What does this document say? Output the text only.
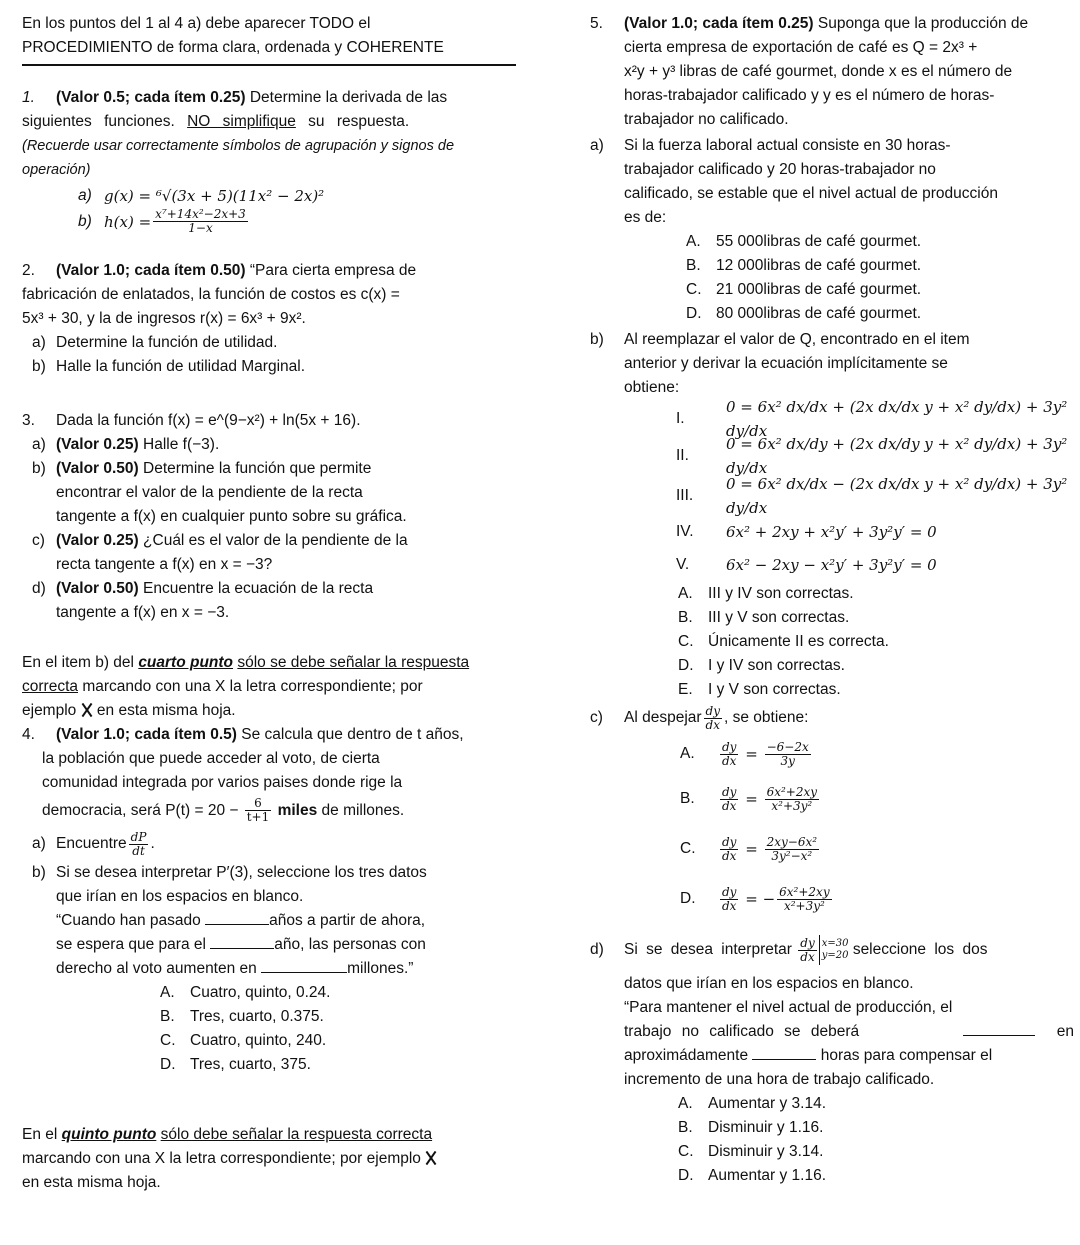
En los puntos del 1 al 4 a) debe aparecer TODO el

PROCEDIMIENTO de forma clara, ordenada y COHERENTE

1.	(Valor 0.5; cada ítem 0.25) Determine la derivada de las

siguientes funciones. NO simplifique su respuesta.

(Recuerde usar correctamente símbolos de agrupación y signos de operación)

a) g(x) = ⁶√(3x + 5)(11x² − 2x)²
b) $h(x) = \frac{\text{x⁷+14x²−2x+3}}{1-x}$
2.	(Valor 1.0; cada ítem 0.50) “Para cierta empresa de

fabricación de enlatados, la función de costos es c(x) =

5x³ + 30, y la de ingresos r(x) = 6x³ + 9x².

a) Determine la función de utilidad.
b) Halle la función de utilidad Marginal.
3.	Dada la función f(x) = e^(9−x²) + ln(5x + 16).
a) (Valor 0.25) Halle f(−3).
b) (Valor 0.50) Determine la función que permite

encontrar el valor de la pendiente de la recta

tangente a f(x) en cualquier punto sobre su gráfica.

c) (Valor 0.25) ¿Cuál es el valor de la pendiente de la

recta tangente a f(x) en x = −3?

d) (Valor 0.50) Encuentre la ecuación de la recta

tangente a f(x) en x = −3.

En el item b) del cuarto punto sólo se debe señalar la respuesta

correcta marcando con una X la letra correspondiente; por

ejemplo en esta misma hoja.

4.	(Valor 1.0; cada ítem 0.5) Se calcula que dentro de t años,

la población que puede acceder al voto, de cierta

comunidad integrada por varios paises donde rige la

democracia, será $P(t) = 20 - \frac{6}{t+1}$ miles de millones.

a) Encuentre $\frac{dP}{dt}$ .
b) Si se desea interpretar P′(3), seleccione los tres datos

que irían en los espacios en blanco.

“Cuando han pasado	años a partir de ahora,

se espera que para el	año, las personas con

derecho al voto aumenten en	millones.”

A. Cuatro, quinto, 0.24.
B. Tres, cuarto, 0.375.
C. Cuatro, quinto, 240.
D. Tres, cuarto, 375.

En el quinto punto sólo debe señalar la respuesta correcta

marcando con una X la letra correspondiente; por ejemplo

en esta misma hoja.

5.	(Valor 1.0; cada ítem 0.25) Suponga que la producción de

cierta empresa de exportación de café es Q = 2x³ +

x²y + y³ libras de café gourmet, donde x es el número de

horas-trabajador calificado y y es el número de horas-

trabajador no calificado.

a)	Si la fuerza laboral actual consiste en 30 horas-

trabajador calificado y 20 horas-trabajador no

calificado, se estable que el nivel actual de producción

es de:

A. 55 000libras de café gourmet.
B. 12 000libras de café gourmet.
C. 21 000libras de café gourmet.
D. 80 000libras de café gourmet.
b)	Al reemplazar el valor de Q, encontrado en el item

anterior y derivar la ecuación implícitamente se

obtiene:

I.
0 = 6x² dx/dx + (2x dx/dx y + x² dy/dx) + 3y² dy/dx
II.
0 = 6x² dx/dy + (2x dx/dy y + x² dy/dx) + 3y² dy/dx
III.
0 = 6x² dx/dx − (2x dx/dx y + x² dy/dx) + 3y² dy/dx
IV.	6x² + 2xy + x²y′ + 3y²y′ = 0
V.	6x² − 2xy − x²y′ + 3y²y′ = 0
A. III y IV son correctas.
B. III y V son correctas.
C. Únicamente II es correcta.
D. I y IV son correctas.
E. I y V son correctas.
c)	Al despejar $\frac{dy}{dx}$ , se obtiene:
A.	$\frac{dy}{dx} = \frac{-6-2x}{3y}$
B.	$\frac{dy}{dx} = \frac{\text{6x²+2xy}}{\text{x²+3y²}}$
C.	$\frac{dy}{dx} = \frac{\text{2xy−6x²}}{\text{3y²−x²}}$
D.	$\frac{dy}{dx}$ = − $\frac{\text{6x²+2xy}}{\text{x²+3y²}}$
d)	Si se desea interpretar
$\frac{dy}{dx} x=30$
y=20
seleccione los dos

datos que irían en los espacios en blanco.

“Para mantener el nivel actual de producción, el

trabajo no calificado se deberá	en

aproximádamente	horas para compensar el

incremento de una hora de trabajo calificado.

A. Aumentar y 3.14.
B. Disminuir y 1.16.
C. Disminuir y 3.14.
D. Aumentar y 1.16.
